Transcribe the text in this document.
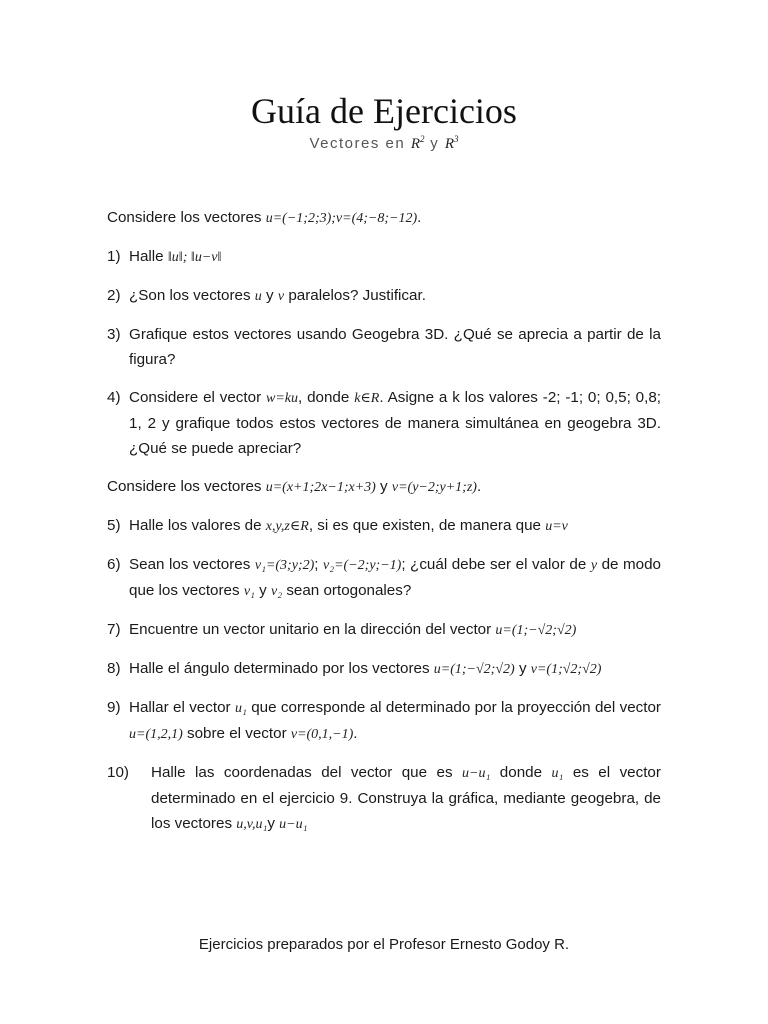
Guía de Ejercicios
Vectores en $R^2$ y $R^3$
Considere los vectores u=(−1;2;3);v=(4;−8;−12).
1) Halle ‖u‖; ‖u−v‖
2) ¿Son los vectores u y v paralelos? Justificar.
3) Grafique estos vectores usando Geogebra 3D. ¿Qué se aprecia a partir de la figura?
4) Considere el vector w=ku, donde k∈R. Asigne a k los valores -2; -1; 0; 0,5; 0,8; 1, 2 y grafique todos estos vectores de manera simultánea en geogebra 3D. ¿Qué se puede apreciar?
Considere los vectores u=(x+1;2x−1;x+3) y v=(y−2;y+1;z).
5) Halle los valores de x,y,z∈R, si es que existen, de manera que u=v
6) Sean los vectores v₁=(3;y;2); v₂=(−2;y;−1); ¿cuál debe ser el valor de y de modo que los vectores v₁ y v₂ sean ortogonales?
7) Encuentre un vector unitario en la dirección del vector u=(1;−√2;√2)
8) Halle el ángulo determinado por los vectores u=(1;−√2;√2) y v=(1;√2;√2)
9) Hallar el vector u₁ que corresponde al determinado por la proyección del vector u=(1,2,1) sobre el vector v=(0,1,−1).
10)	Halle las coordenadas del vector que es u−u₁ donde u₁ es el vector determinado en el ejercicio 9. Construya la gráfica, mediante geogebra, de los vectores u,v,u₁y u−u₁
Ejercicios preparados por el Profesor Ernesto Godoy R.
